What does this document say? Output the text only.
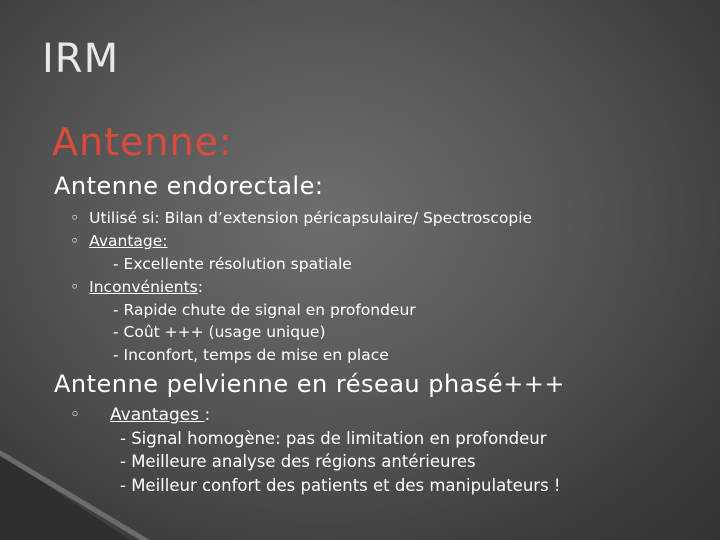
IRM
Antenne:
Antenne endorectale:
◦ Utilisé si: Bilan d’extension péricapsulaire/ Spectroscopie
◦ Avantage:
- Excellente résolution spatiale
◦ Inconvénients:
- Rapide chute de signal en profondeur
- Coût +++ (usage unique)
- Inconfort, temps de mise en place
Antenne pelvienne en réseau phasé+++
◦ Avantages :
- Signal homogène: pas de limitation en profondeur
- Meilleure analyse des régions antérieures
- Meilleur confort des patients et des manipulateurs !
